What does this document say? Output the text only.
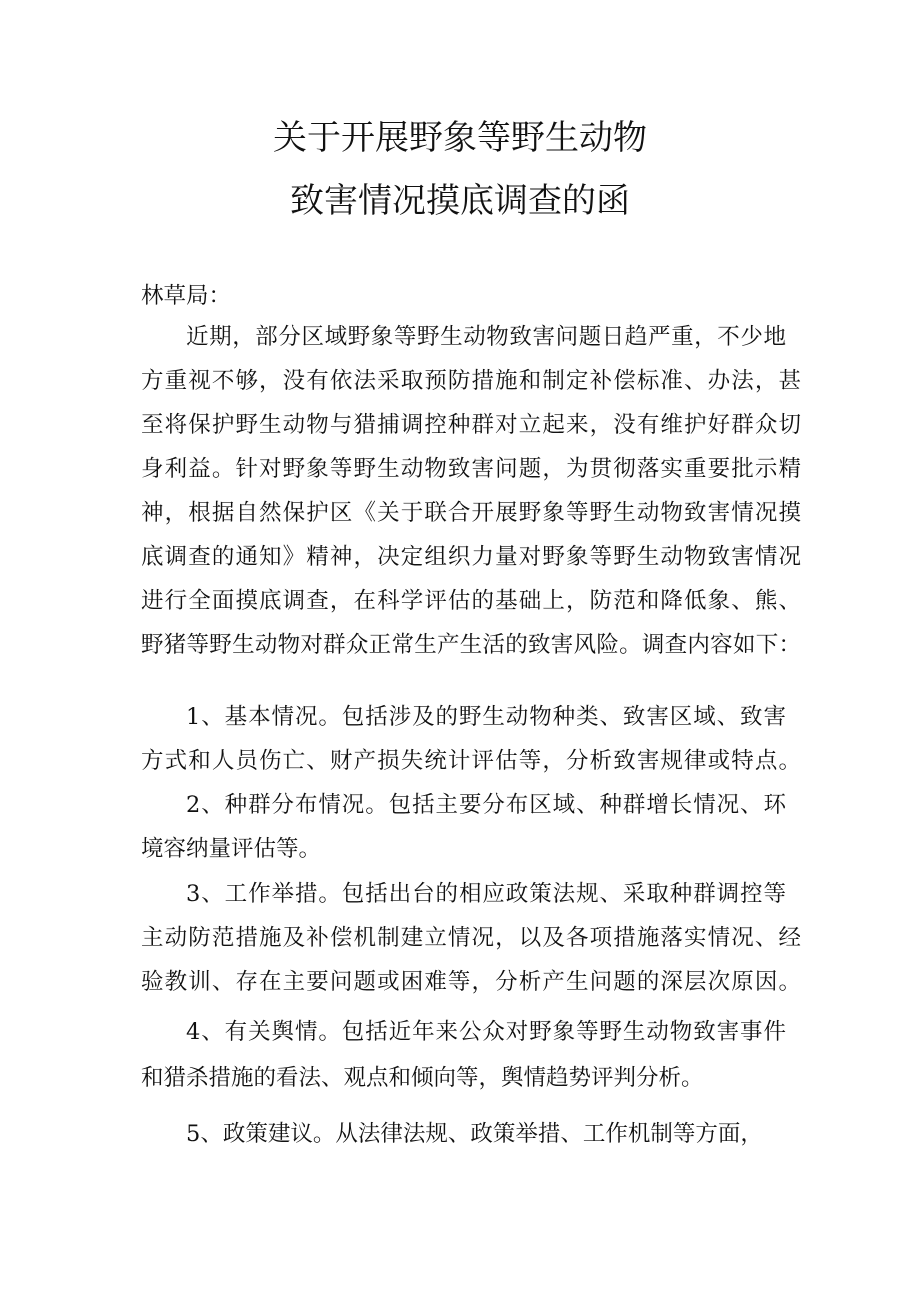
关于开展野象等野生动物
致害情况摸底调查的函
林草局：
近期，部分区域野象等野生动物致害问题日趋严重，不少地
方重视不够，没有依法采取预防措施和制定补偿标准、办法，甚
至将保护野生动物与猎捕调控种群对立起来，没有维护好群众切
身利益。针对野象等野生动物致害问题，为贯彻落实重要批示精
神，根据自然保护区《关于联合开展野象等野生动物致害情况摸
底调查的通知》精神，决定组织力量对野象等野生动物致害情况
进行全面摸底调查，在科学评估的基础上，防范和降低象、熊、
野猪等野生动物对群众正常生产生活的致害风险。调查内容如下：
1、基本情况。包括涉及的野生动物种类、致害区域、致害
方式和人员伤亡、财产损失统计评估等，分析致害规律或特点。
2、种群分布情况。包括主要分布区域、种群增长情况、环
境容纳量评估等。
3、工作举措。包括出台的相应政策法规、采取种群调控等
主动防范措施及补偿机制建立情况，以及各项措施落实情况、经
验教训、存在主要问题或困难等，分析产生问题的深层次原因。
4、有关舆情。包括近年来公众对野象等野生动物致害事件
和猎杀措施的看法、观点和倾向等，舆情趋势评判分析。
5、政策建议。从法律法规、政策举措、工作机制等方面，
